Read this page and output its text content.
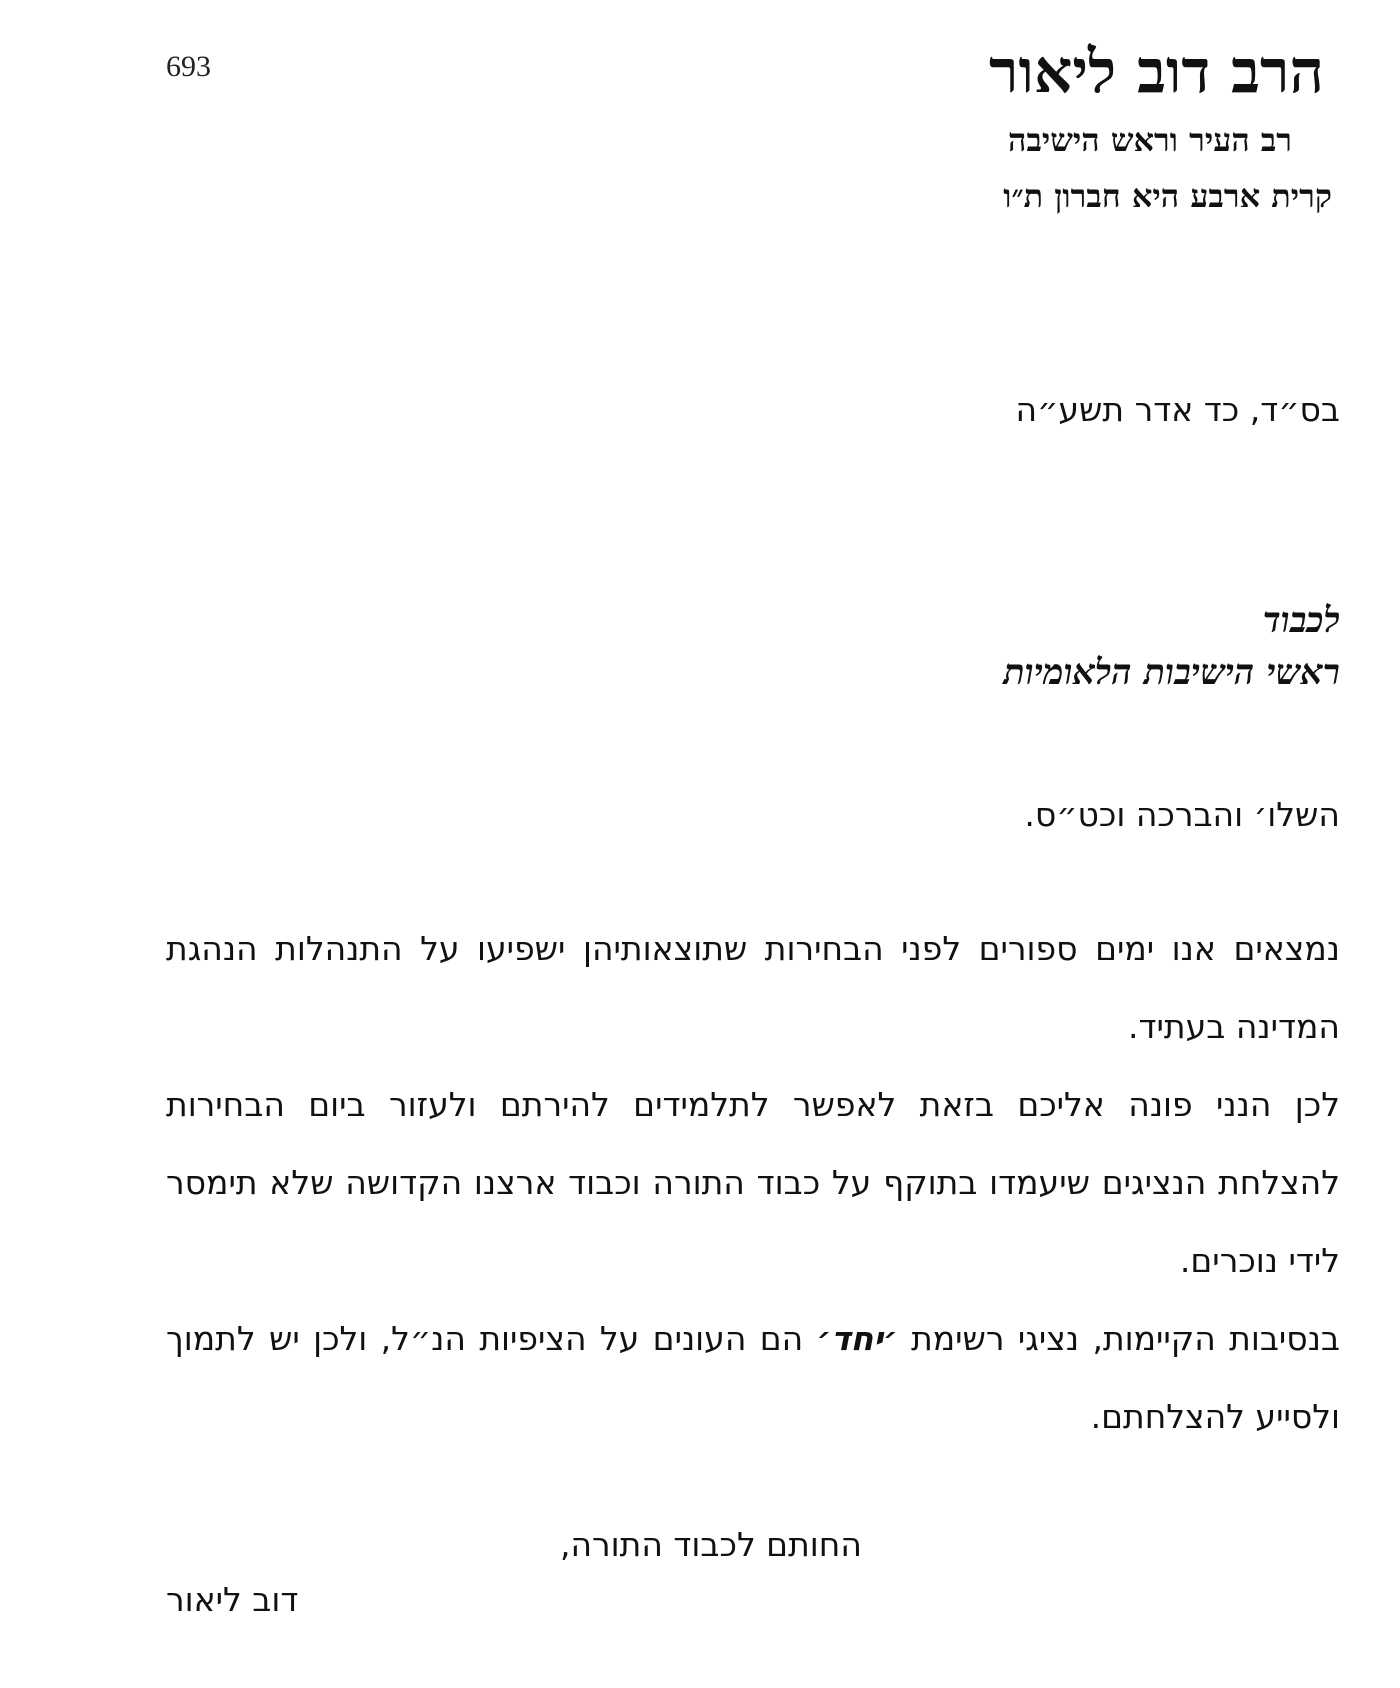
693	הרב דוב ליאור
רב העיר וראש הישיבה
קרית ארבע היא חברון ת״ו
בס״ד, כד אדר תשע״ה
לכבוד
ראשי הישיבות הלאומיות
השלו׳ והברכה וכט״ס.

נמצאים אנו ימים ספורים לפני הבחירות שתוצאותיהן ישפיעו על התנהלות הנהגת המדינה בעתיד.

לכן הנני פונה אליכם בזאת לאפשר לתלמידים להירתם ולעזור ביום הבחירות להצלחת הנציגים שיעמדו בתוקף על כבוד התורה וכבוד ארצנו הקדושה שלא תימסר לידי נוכרים.

בנסיבות הקיימות, נציגי רשימת ׳יחד׳ הם העונים על הציפיות הנ״ל, ולכן יש לתמוך ולסייע להצלחתם.

החותם לכבוד התורה,
דוב ליאור
